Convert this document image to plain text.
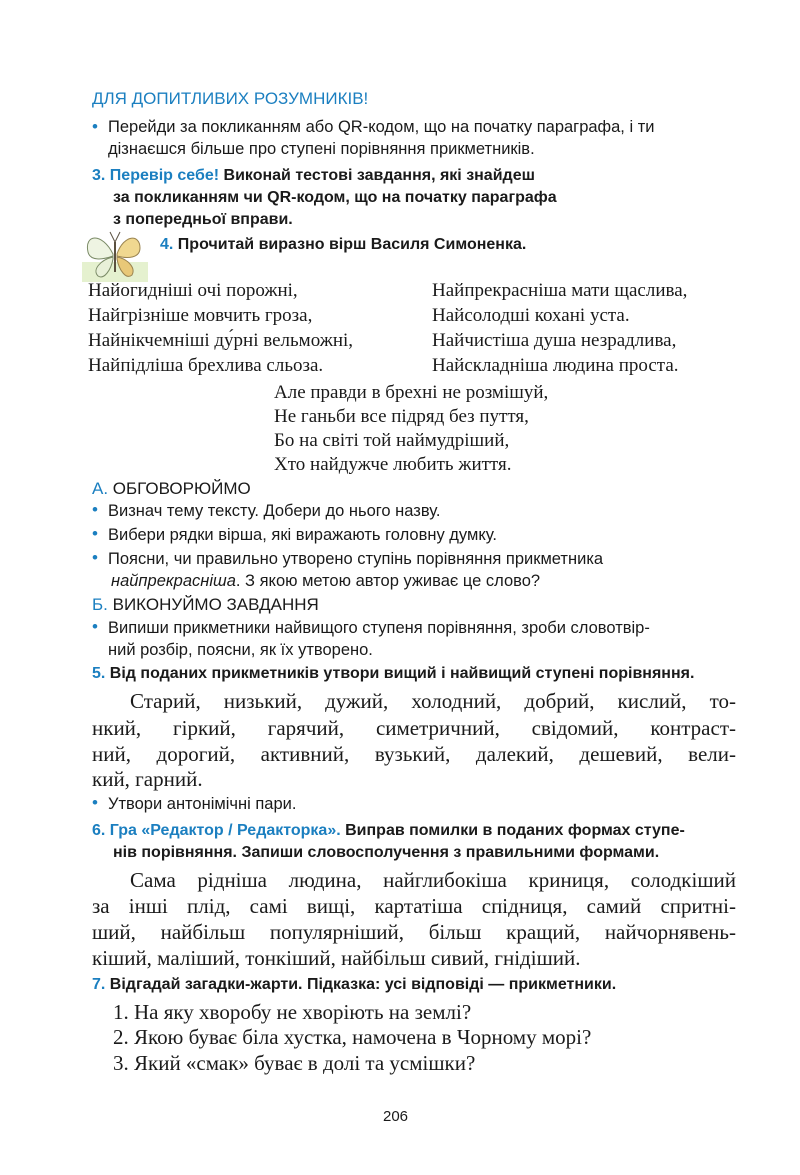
ДЛЯ ДОПИТЛИВИХ РОЗУМНИКІВ!
• Перейди за покликанням або QR-кодом, що на початку параграфа, і ти
дізнаєшся більше про ступені порівняння прикметників.
3. Перевір себе! Виконай тестові завдання, які знайдеш
за покликанням чи QR-кодом, що на початку параграфа
з попередньої вправи.
4. Прочитай виразно вірш Василя Симоненка.
Найогидніші очі порожні,
Найгрізніше мовчить гроза,
Найнікчемніші ду́рні вельможні,
Найпідліша брехлива сльоза.
Найпрекрасніша мати щаслива,
Найсолодші кохані уста.
Найчистіша душа незрадлива,
Найскладніша людина проста.
Але правди в брехні не розмішуй,
Не ганьби все підряд без пуття,
Бо на світі той наймудріший,
Хто найдужче любить життя.
А. ОБГОВОРЮЙМО
• Визнач тему тексту. Добери до нього назву.
• Вибери рядки вірша, які виражають головну думку.
• Поясни, чи правильно утворено ступінь порівняння прикметника
найпрекрасніша. З якою метою автор уживає це слово?
Б. ВИКОНУЙМО ЗАВДАННЯ
• Випиши прикметники найвищого ступеня порівняння, зроби словотвір-
ний розбір, поясни, як їх утворено.
5. Від поданих прикметників утвори вищий і найвищий ступені порівняння.
Старий, низький, дужий, холодний, добрий, кислий, то-
нкий, гіркий, гарячий, симетричний, свідомий, контраст-
ний, дорогий, активний, вузький, далекий, дешевий, вели-
кий, гарний.
• Утвори антонімічні пари.
6. Гра «Редактор / Редакторка». Виправ помилки в поданих формах ступе-
нів порівняння. Запиши словосполучення з правильними формами.
Сама рідніша людина, найглибокіша криниця, солодкіший
за інші плід, самі вищі, картатіша спідниця, самий спритні-
ший, найбільш популярніший, більш кращий, найчорнявень-
кіший, маліший, тонкіший, найбільш сивий, гнідіший.
7. Відгадай загадки-жарти. Підказка: усі відповіді — прикметники.
1. На яку хворобу не хворіють на землі?
2. Якою буває біла хустка, намочена в Чорному морі?
3. Який «смак» буває в долі та усмішки?
206
